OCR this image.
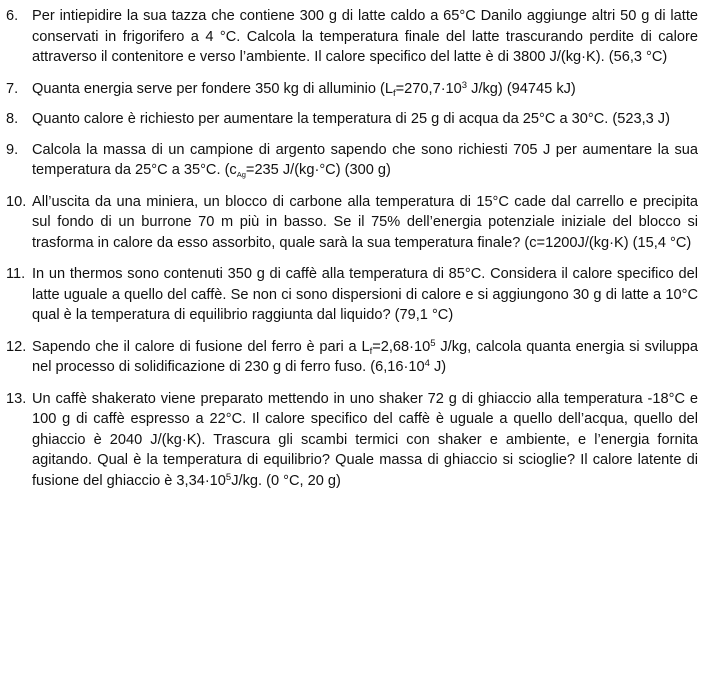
6. Per intiepidire la sua tazza che contiene 300 g di latte caldo a 65°C Danilo aggiunge altri 50 g di latte conservati in frigorifero a 4 °C. Calcola la temperatura finale del latte trascurando perdite di calore attraverso il contenitore e verso l’ambiente. Il calore specifico del latte è di 3800 J/(kg·K). (56,3 °C)
7. Quanta energia serve per fondere 350 kg di alluminio ($L_f=270,7\cdot 10^3$ J/kg) (94745 kJ)
8. Quanto calore è richiesto per aumentare la temperatura di 25 g di acqua da 25°C a 30°C. (523,3 J)
9. Calcola la massa di un campione di argento sapendo che sono richiesti 705 J per aumentare la sua temperatura da 25°C a 35°C. ($c_{Ag}=235$ J/(kg·°C) (300 g)
10. All’uscita da una miniera, un blocco di carbone alla temperatura di 15°C cade dal carrello e precipita sul fondo di un burrone 70 m più in basso. Se il 75% dell’energia potenziale iniziale del blocco si trasforma in calore da esso assorbito, quale sarà la sua temperatura finale? (c=1200J/(kg·K) (15,4 °C)
11. In un thermos sono contenuti 350 g di caffè alla temperatura di 85°C. Considera il calore specifico del latte uguale a quello del caffè. Se non ci sono dispersioni di calore e si aggiungono 30 g di latte a 10°C qual è la temperatura di equilibrio raggiunta dal liquido? (79,1 °C)
12. Sapendo che il calore di fusione del ferro è pari a $L_f=2,68\cdot 10^5$ J/kg, calcola quanta energia si sviluppa nel processo di solidificazione di 230 g di ferro fuso. ($6,16\cdot 10^4$ J)
13. Un caffè shakerato viene preparato mettendo in uno shaker 72 g di ghiaccio alla temperatura -18°C e 100 g di caffè espresso a 22°C. Il calore specifico del caffè è uguale a quello dell’acqua, quello del ghiaccio è 2040 J/(kg·K). Trascura gli scambi termici con shaker e ambiente, e l’energia fornita agitando. Qual è la temperatura di equilibrio? Quale massa di ghiaccio si scioglie? Il calore latente di fusione del ghiaccio è $3,34\cdot 10^5J/kg$. (0 °C, 20 g)
